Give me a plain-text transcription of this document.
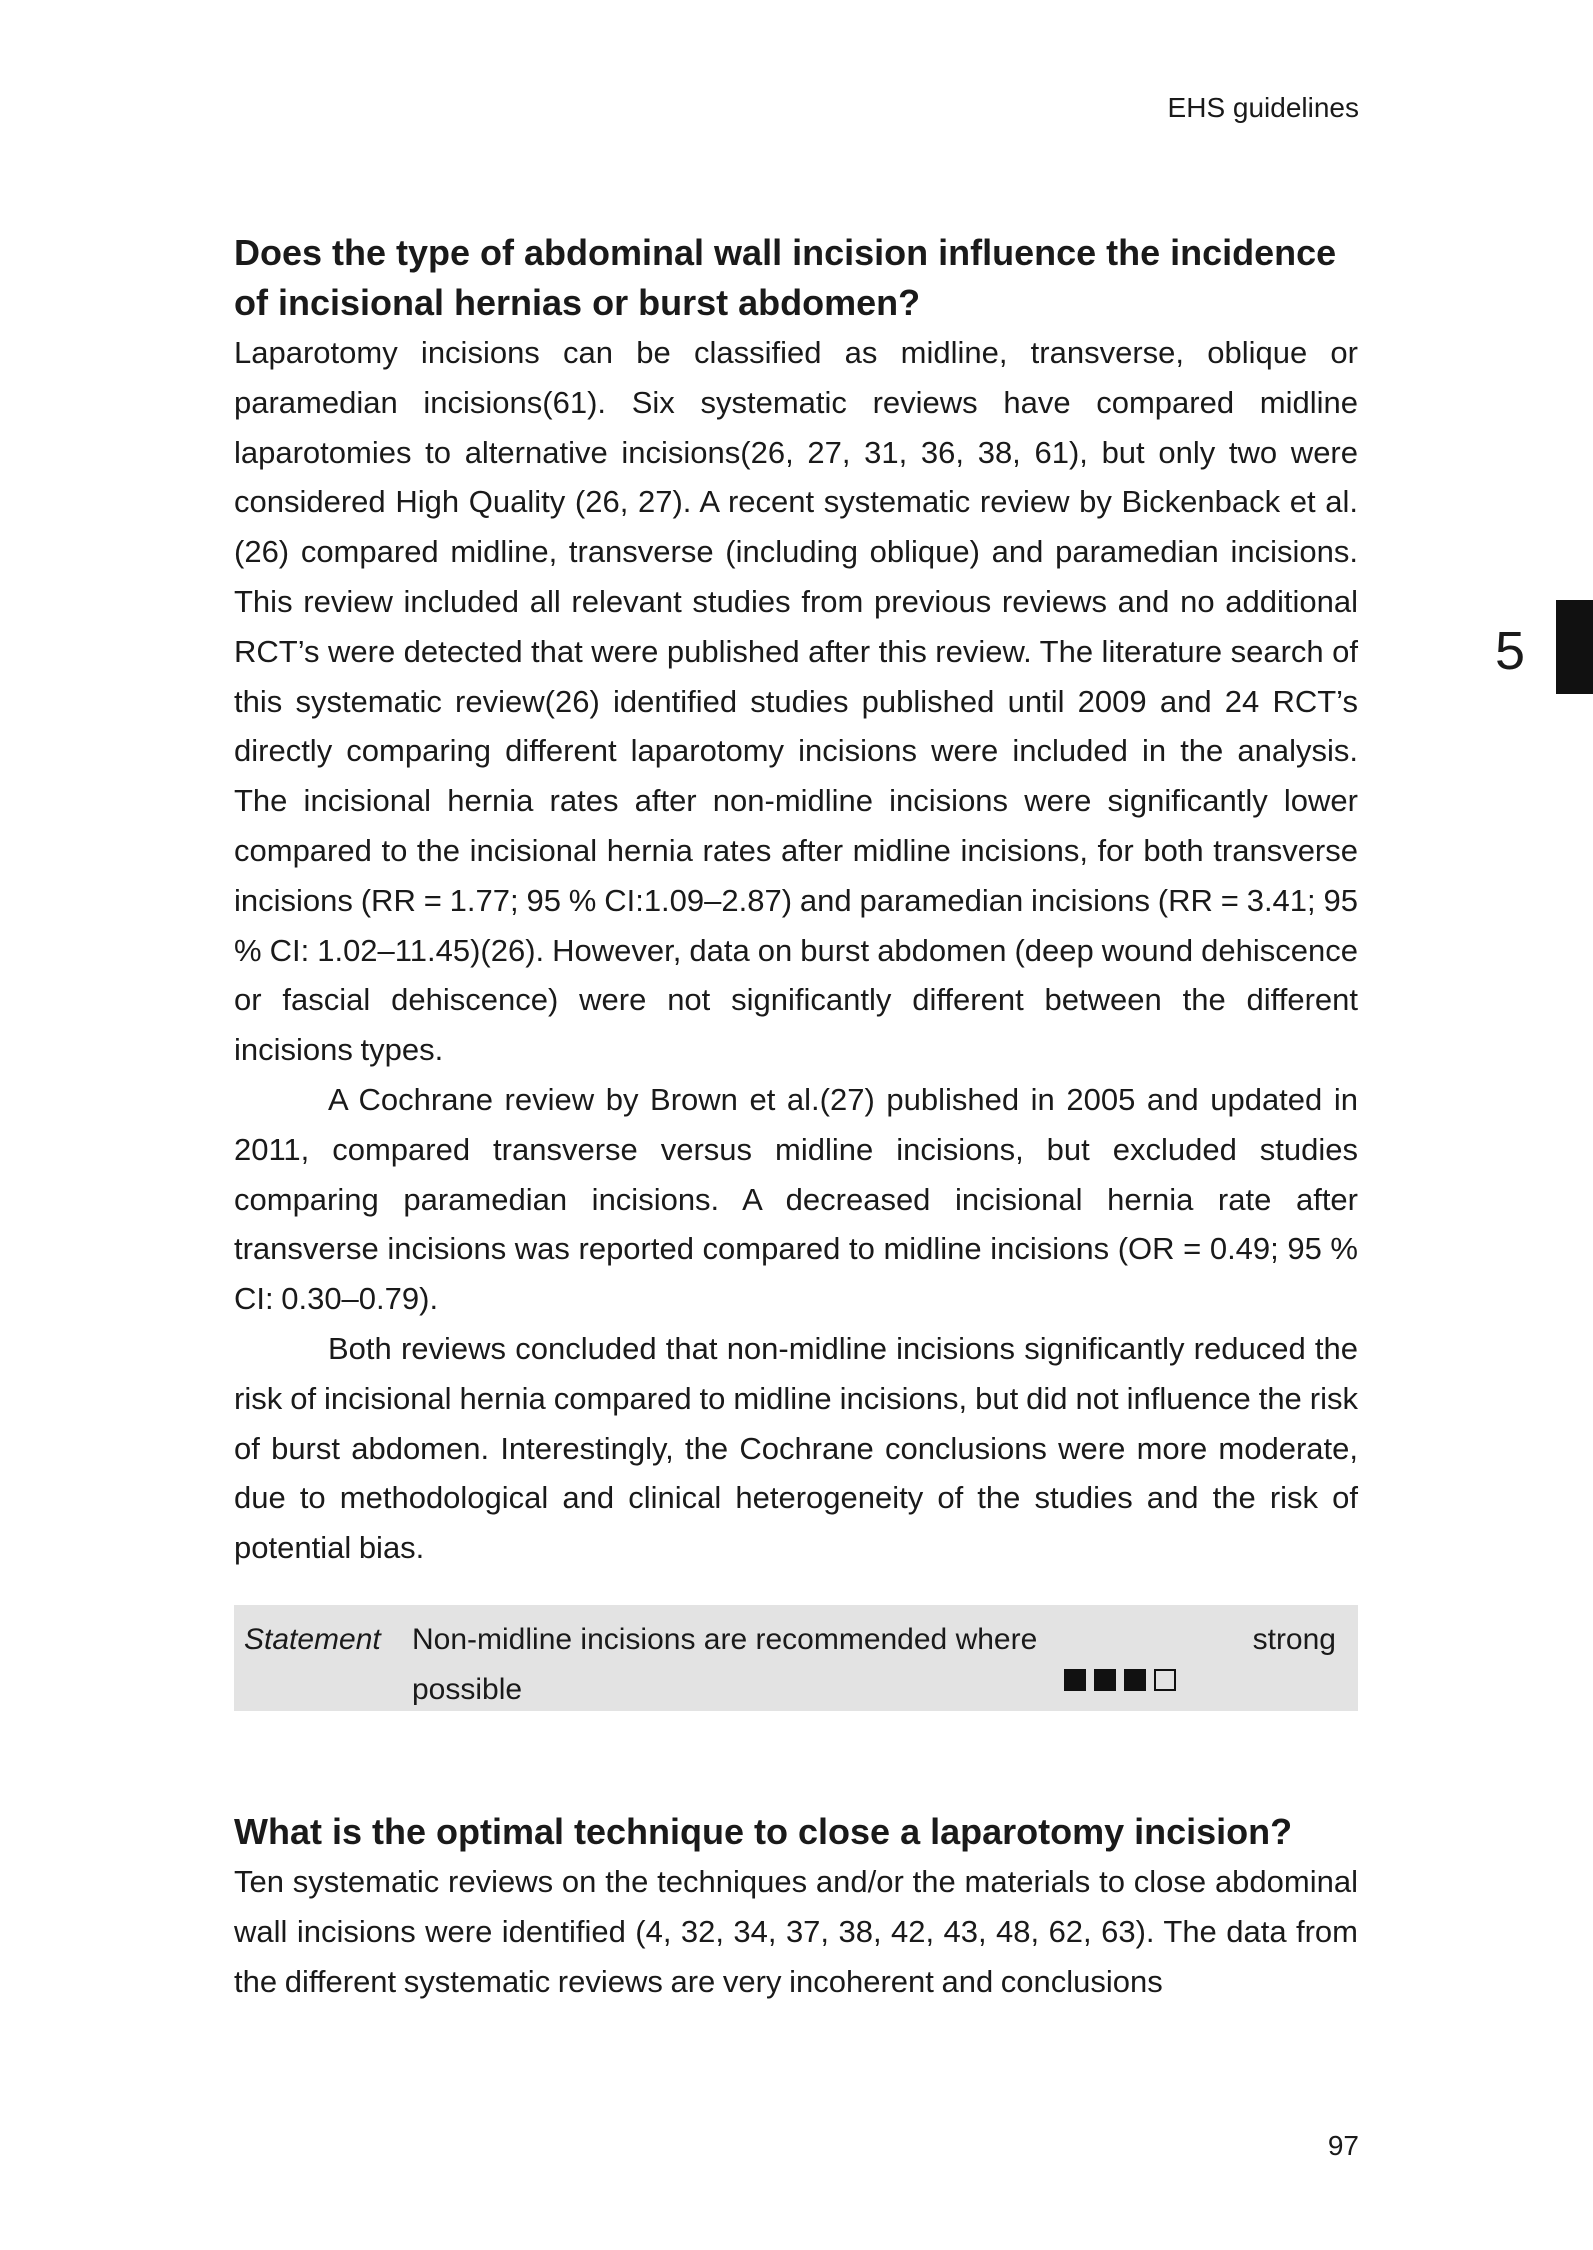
EHS guidelines
5
Does the type of abdominal wall incision influence the incidence of incisional hernias or burst abdomen?

Laparotomy incisions can be classified as midline, transverse, oblique or paramedian incisions(61). Six systematic reviews have compared midline laparotomies to alternative incisions(26, 27, 31, 36, 38, 61), but only two were considered High Quality (26, 27). A recent systematic review by Bickenback et al.(26) compared midline, transverse (including oblique) and paramedian incisions. This review included all relevant studies from previous reviews and no additional RCT’s were detected that were published after this review. The literature search of this systematic review(26) identified studies published until 2009 and 24 RCT’s directly comparing different laparotomy incisions were included in the analysis. The incisional hernia rates after non-midline incisions were significantly lower compared to the incisional hernia rates after midline incisions, for both transverse incisions (RR = 1.77; 95 % CI:1.09–2.87) and paramedian incisions (RR = 3.41; 95 % CI: 1.02–11.45)(26). However, data on burst abdomen (deep wound dehiscence or fascial dehiscence) were not significantly different between the different incisions types.

A Cochrane review by Brown et al.(27) published in 2005 and updated in 2011, compared transverse versus midline incisions, but excluded studies comparing paramedian incisions. A decreased incisional hernia rate after transverse incisions was reported compared to midline incisions (OR = 0.49; 95 % CI: 0.30–0.79).

Both reviews concluded that non-midline incisions significantly reduced the risk of incisional hernia compared to midline incisions, but did not influence the risk of burst abdomen. Interestingly, the Cochrane conclusions were more moderate, due to methodological and clinical heterogeneity of the studies and the risk of potential bias.

Statement	Non-midline incisions are recommended where possible
strong
What is the optimal technique to close a laparotomy incision?

Ten systematic reviews on the techniques and/or the materials to close abdominal wall incisions were identified (4, 32, 34, 37, 38, 42, 43, 48, 62, 63). The data from the different systematic reviews are very incoherent and conclusions

97
